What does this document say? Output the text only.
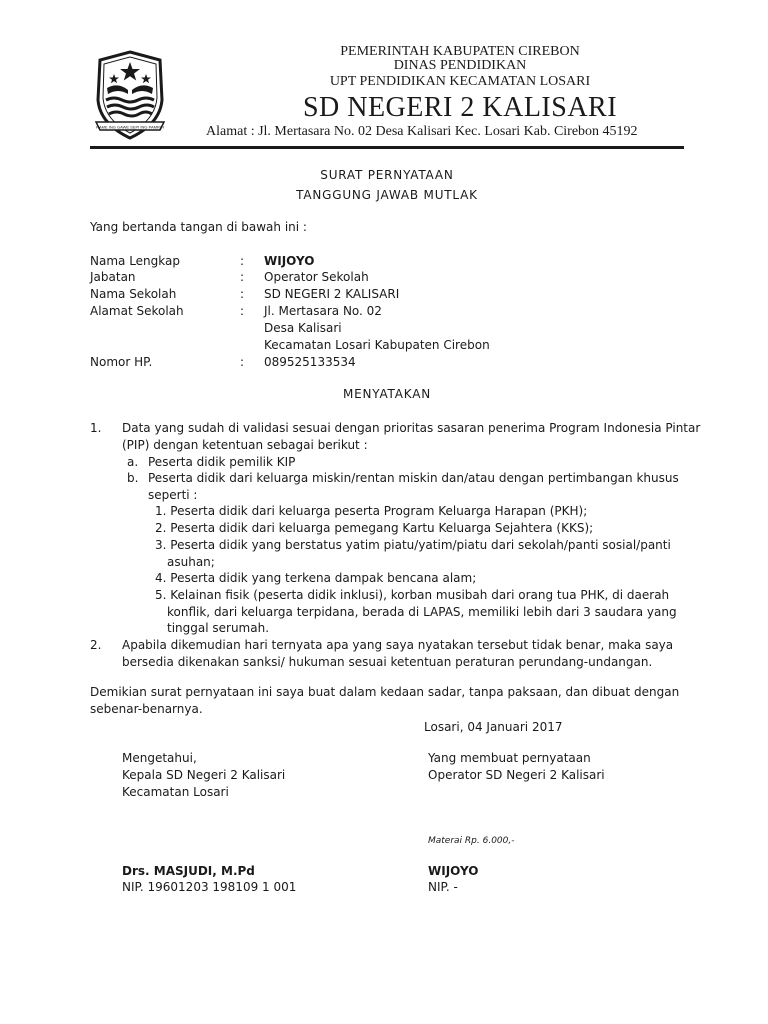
RAME ING GAWE SEPI ING PAMRIH
PEMERINTAH KABUPATEN CIREBON
DINAS PENDIDIKAN
UPT PENDIDIKAN KECAMATAN LOSARI
SD NEGERI 2 KALISARI
Alamat : Jl. Mertasara No. 02 Desa Kalisari Kec. Losari Kab. Cirebon 45192
SURAT PERNYATAAN
TANGGUNG JAWAB MUTLAK
Yang bertanda tangan di bawah ini :
Nama Lengkap	: WIJOYO
Jabatan	: Operator Sekolah
Nama Sekolah	: SD NEGERI 2 KALISARI
Alamat Sekolah	: Jl. Mertasara No. 02
Desa Kalisari
Kecamatan Losari Kabupaten Cirebon
Nomor HP.	: 089525133534
MENYATAKAN
1. Data yang sudah di validasi sesuai dengan prioritas sasaran penerima Program Indonesia Pintar
(PIP) dengan ketentuan sebagai berikut :
a. Peserta didik pemilik KIP
b. Peserta didik dari keluarga miskin/rentan miskin dan/atau dengan pertimbangan khusus
seperti :
1. Peserta didik dari keluarga peserta Program Keluarga Harapan (PKH);
2. Peserta didik dari keluarga pemegang Kartu Keluarga Sejahtera (KKS);
3. Peserta didik yang berstatus yatim piatu/yatim/piatu dari sekolah/panti sosial/panti
asuhan;
4. Peserta didik yang terkena dampak bencana alam;
5. Kelainan fisik (peserta didik inklusi), korban musibah dari orang tua PHK, di daerah
konflik, dari keluarga terpidana, berada di LAPAS, memiliki lebih dari 3 saudara yang
tinggal serumah.
2. Apabila dikemudian hari ternyata apa yang saya nyatakan tersebut tidak benar, maka saya
bersedia dikenakan sanksi/ hukuman sesuai ketentuan peraturan perundang-undangan.
Demikian surat pernyataan ini saya buat dalam kedaan sadar, tanpa paksaan, dan dibuat dengan
sebenar-benarnya.
Losari, 04 Januari 2017
Mengetahui,
Kepala SD Negeri 2 Kalisari
Kecamatan Losari
Drs. MASJUDI, M.Pd
NIP. 19601203 198109 1 001
Yang membuat pernyataan
Operator SD Negeri 2 Kalisari
Materai Rp. 6.000,-
WIJOYO
NIP. -
